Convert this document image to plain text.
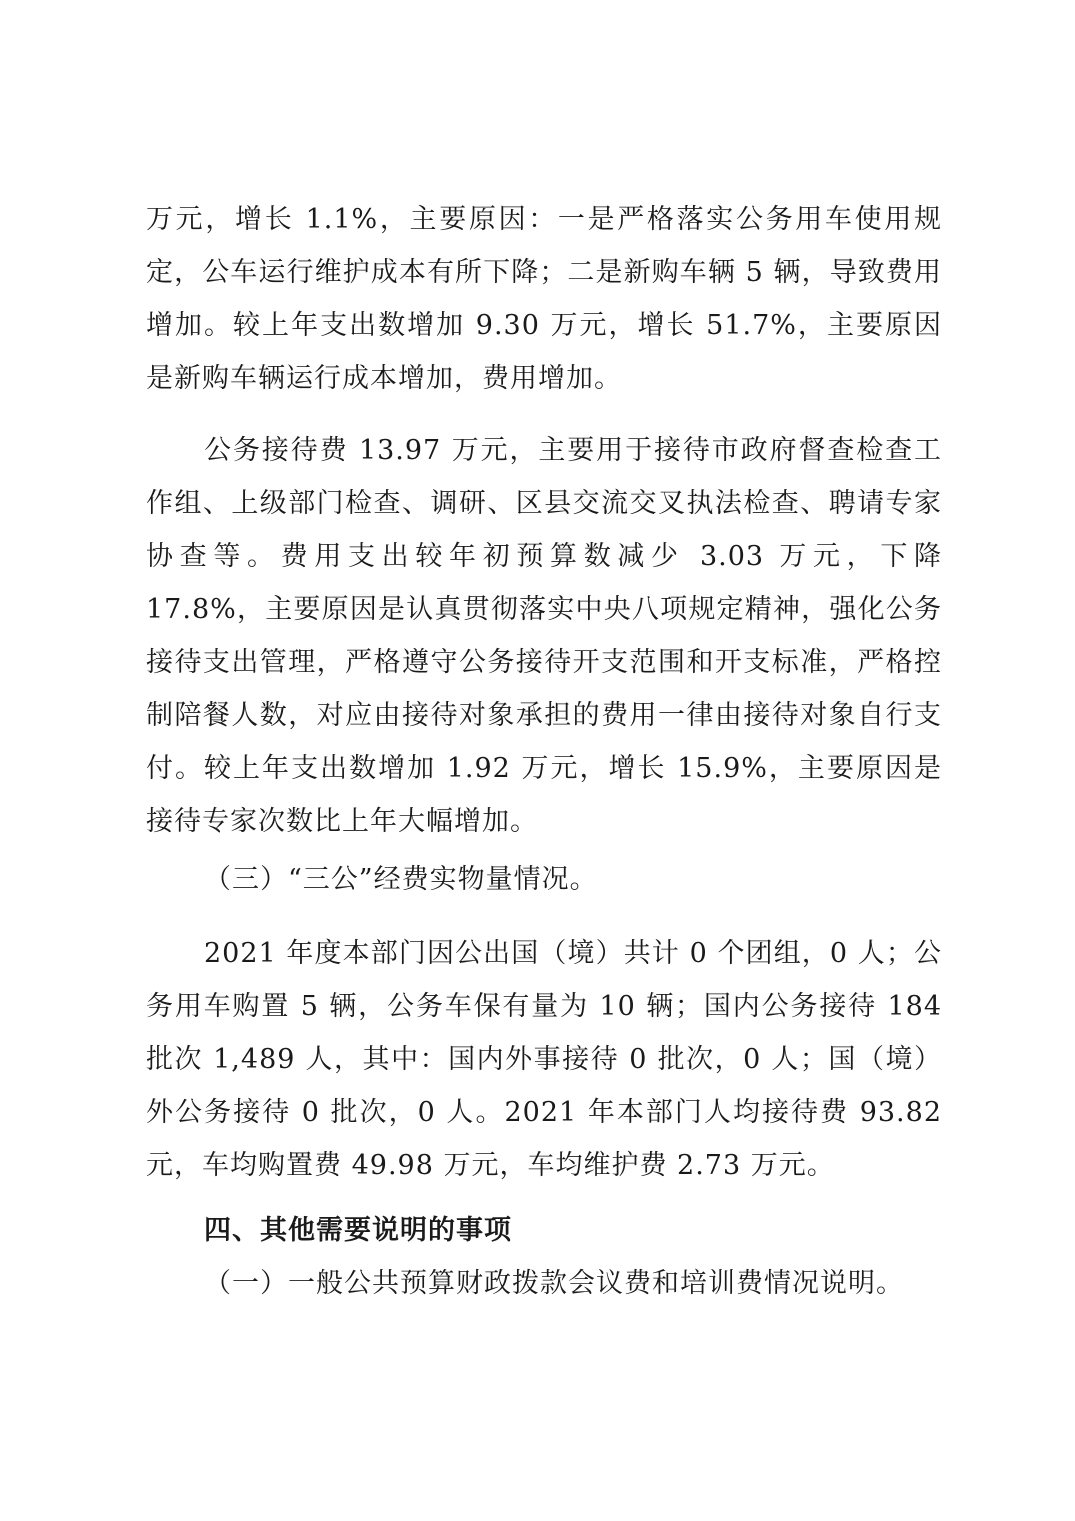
万元，增长 1.1%，主要原因：一是严格落实公务用车使用规定，公车运行维护成本有所下降；二是新购车辆 5 辆，导致费用增加。较上年支出数增加 9.30 万元，增长 51.7%，主要原因是新购车辆运行成本增加，费用增加。

公务接待费 13.97 万元，主要用于接待市政府督查检查工作组、上级部门检查、调研、区县交流交叉执法检查、聘请专家协查等。费用支出较年初预算数减少 3.03 万元，下降 17.8%，主要原因是认真贯彻落实中央八项规定精神，强化公务接待支出管理，严格遵守公务接待开支范围和开支标准，严格控制陪餐人数，对应由接待对象承担的费用一律由接待对象自行支付。较上年支出数增加 1.92 万元，增长 15.9%，主要原因是接待专家次数比上年大幅增加。

（三）“三公”经费实物量情况。

2021 年度本部门因公出国（境）共计 0 个团组，0 人；公务用车购置 5 辆，公务车保有量为 10 辆；国内公务接待 184 批次 1,489 人，其中：国内外事接待 0 批次，0 人；国（境）外公务接待 0 批次，0 人。2021 年本部门人均接待费 93.82 元，车均购置费 49.98 万元，车均维护费 2.73 万元。

四、其他需要说明的事项

（一）一般公共预算财政拨款会议费和培训费情况说明。
